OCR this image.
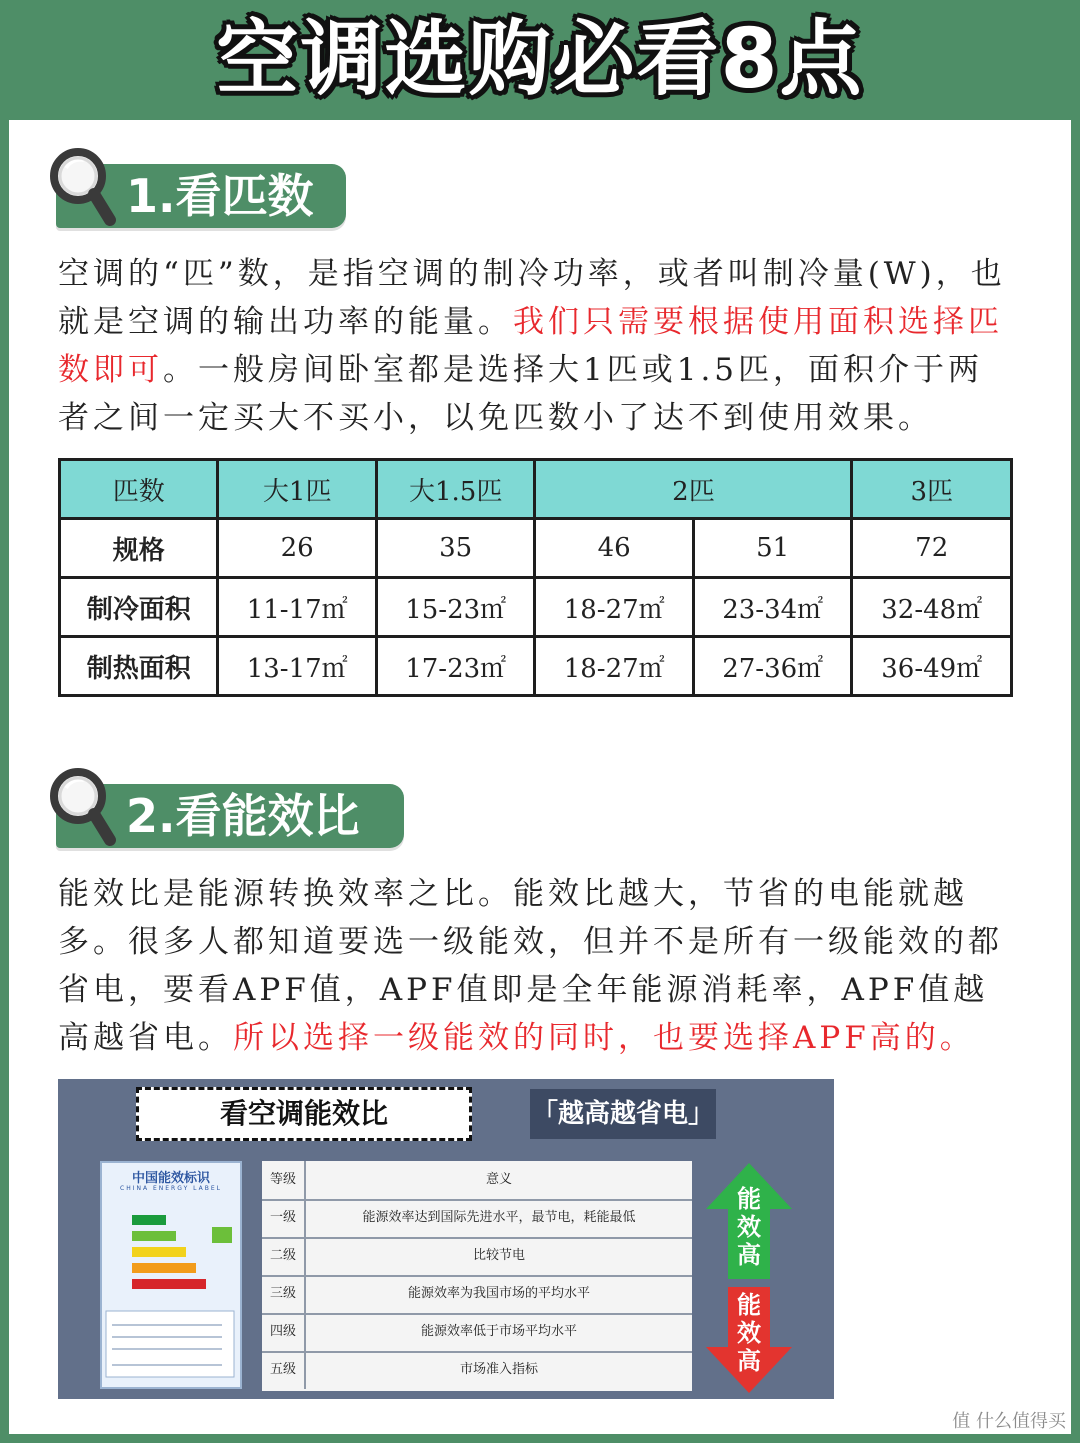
空调选购必看8点
1.看匹数
空调的“匹”数，是指空调的制冷功率，或者叫制冷量(W)，也就是空调的输出功率的能量。我们只需要根据使用面积选择匹数即可。一般房间卧室都是选择大1匹或1.5匹，面积介于两者之间一定买大不买小，以免匹数小了达不到使用效果。
匹数	大1匹	大1.5匹	2匹		3匹
规格	26	35	46	51	72
制冷面积	11-17㎡	15-23㎡	18-27㎡	23-34㎡	32-48㎡
制热面积	13-17㎡	17-23㎡	18-27㎡	27-36㎡	36-49㎡
2.看能效比
能效比是能源转换效率之比。能效比越大，节省的电能就越多。很多人都知道要选一级能效，但并不是所有一级能效的都省电，要看APF值，APF值即是全年能源消耗率，APF值越高越省电。所以选择一级能效的同时，也要选择APF高的。
看空调能效比	「越高越省电」
中国能效标识
CHINA ENERGY LABEL
等级	意义
一级	能源效率达到国际先进水平，最节电，耗能最低
二级	比较节电
三级	能源效率为我国市场的平均水平
四级	能源效率低于市场平均水平
五级	市场准入指标
能
效
高
能
效
高
值 什么值得买
